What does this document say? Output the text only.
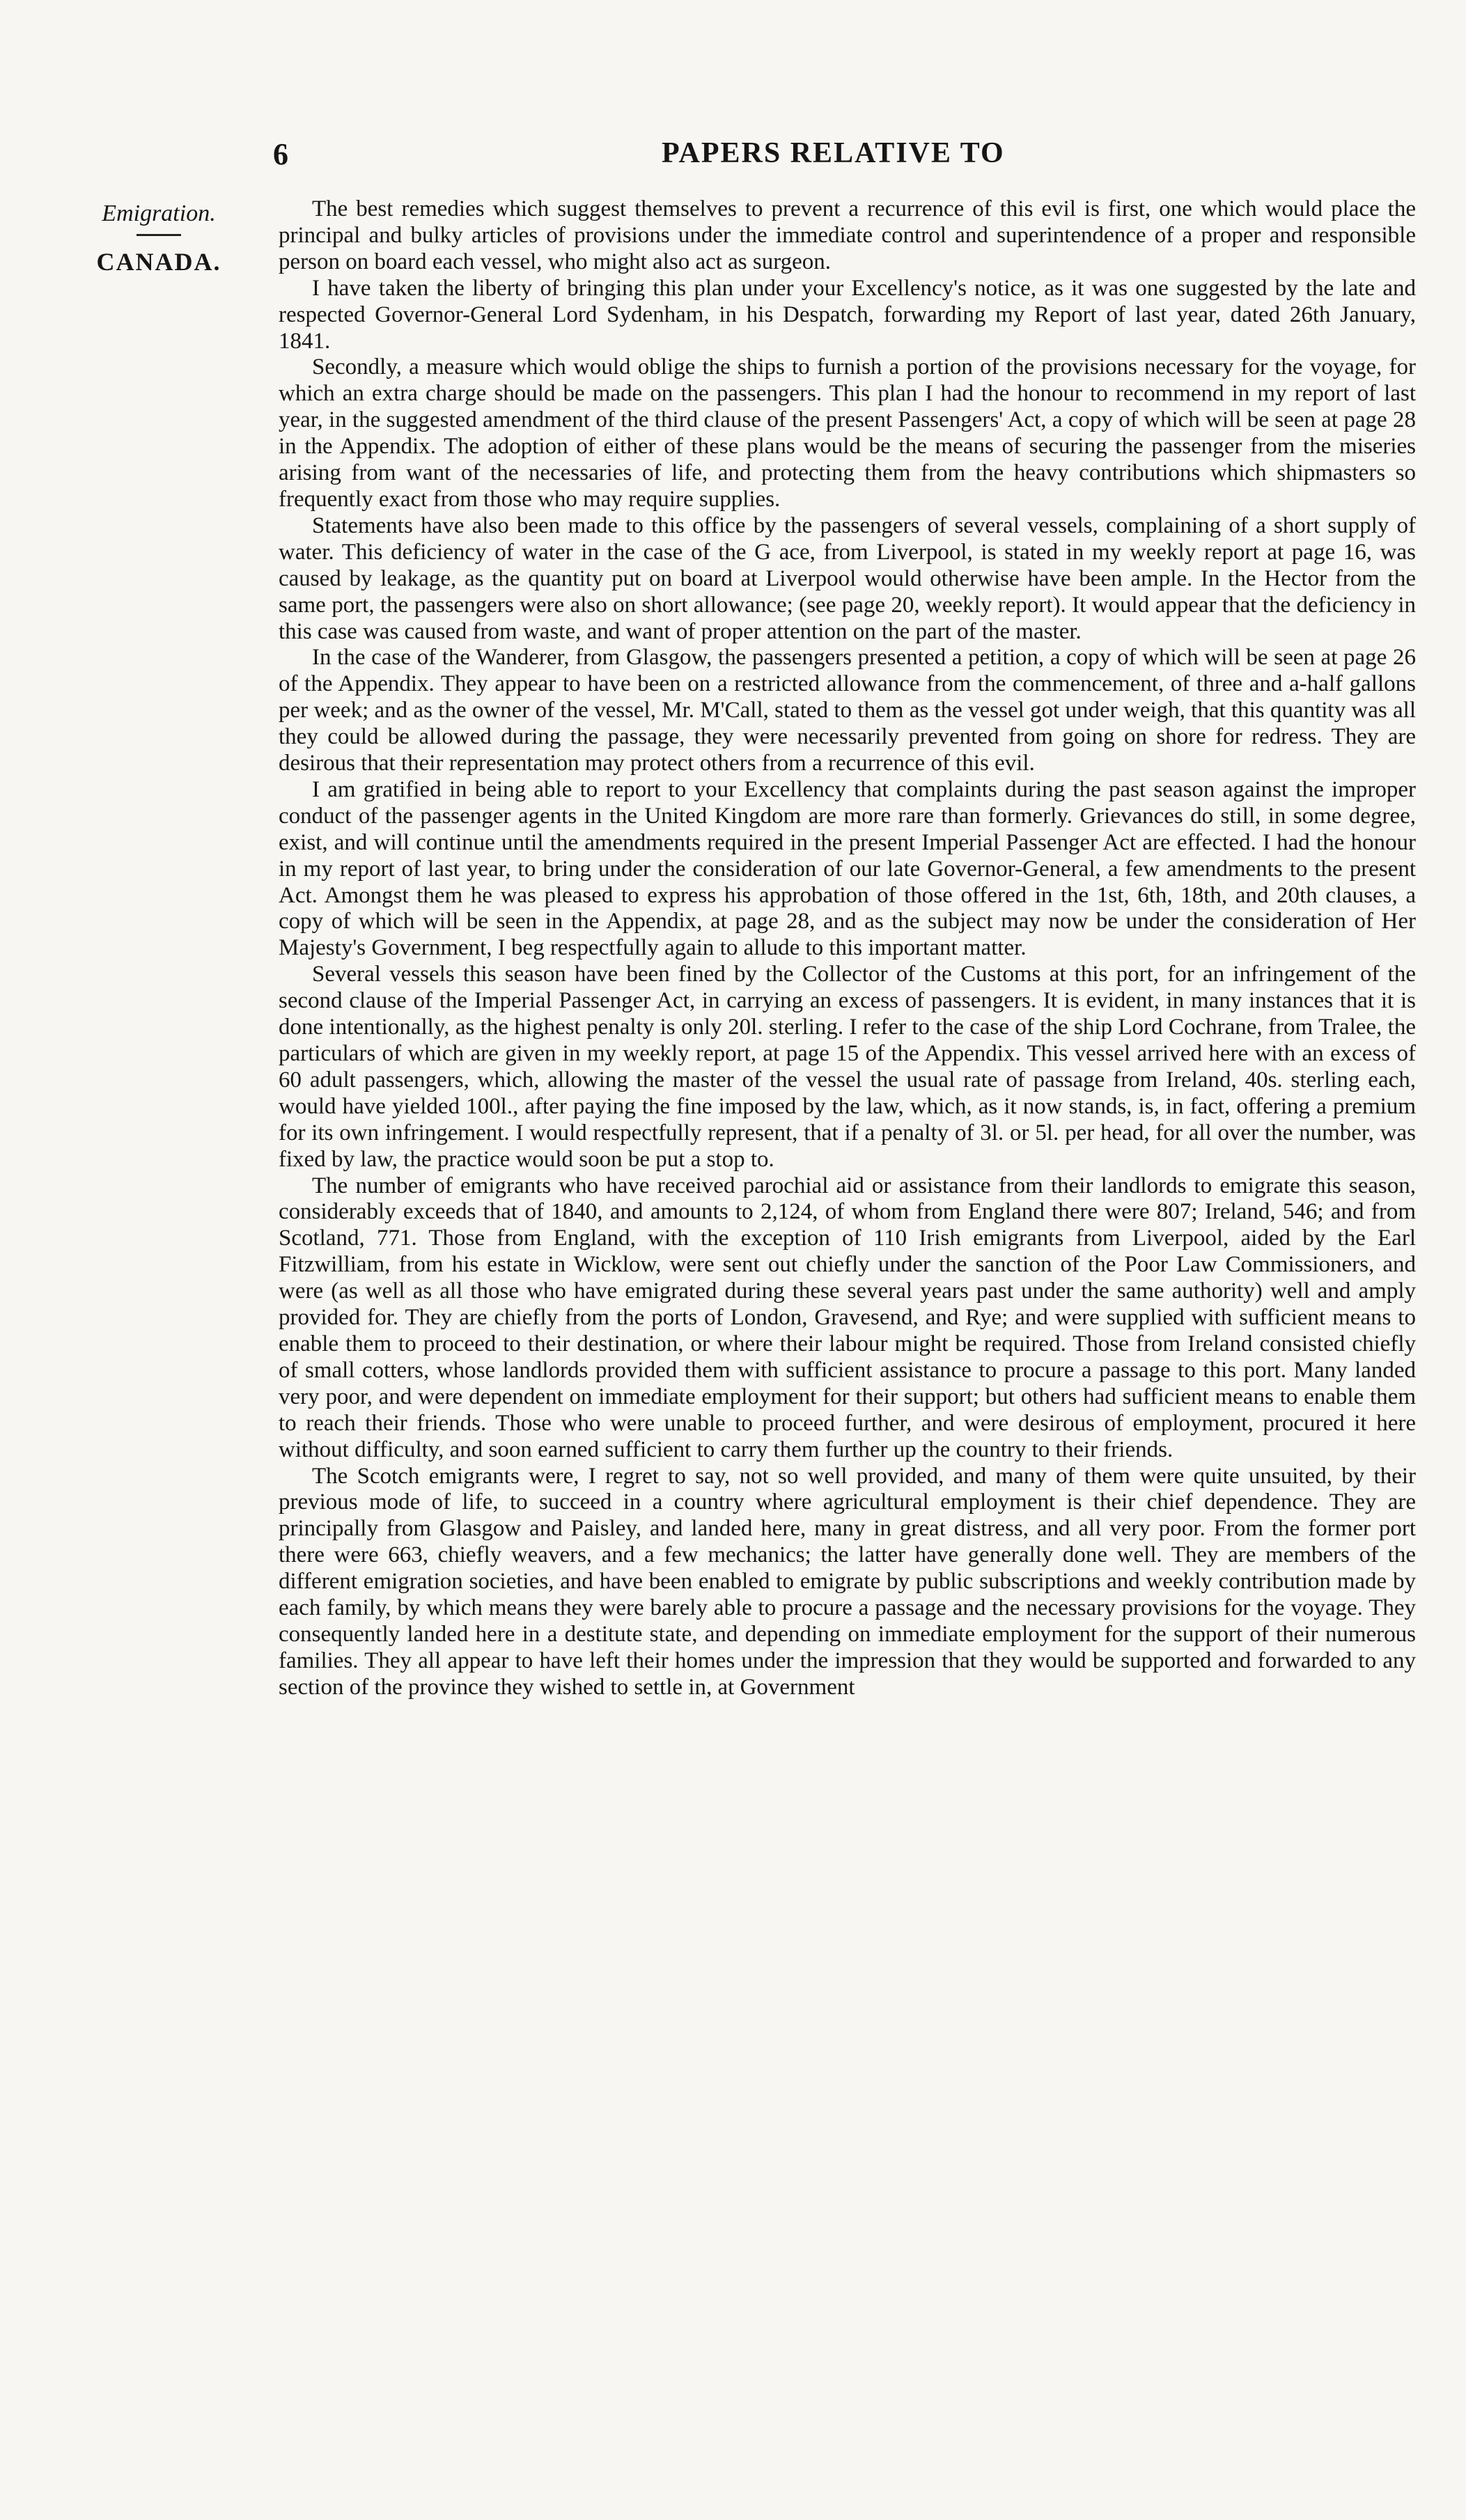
6	PAPERS RELATIVE TO
Emigration.
CANADA.

The best remedies which suggest themselves to prevent a recurrence of this evil is first, one which would place the principal and bulky articles of provisions under the immediate control and superintendence of a proper and responsible person on board each vessel, who might also act as surgeon.

I have taken the liberty of bringing this plan under your Excellency's notice, as it was one suggested by the late and respected Governor-General Lord Sydenham, in his Despatch, forwarding my Report of last year, dated 26th January, 1841.

Secondly, a measure which would oblige the ships to furnish a portion of the provisions necessary for the voyage, for which an extra charge should be made on the passengers. This plan I had the honour to recommend in my report of last year, in the suggested amendment of the third clause of the present Passengers' Act, a copy of which will be seen at page 28 in the Appendix. The adoption of either of these plans would be the means of securing the passenger from the miseries arising from want of the necessaries of life, and protecting them from the heavy contributions which shipmasters so frequently exact from those who may require supplies.

Statements have also been made to this office by the passengers of several vessels, complaining of a short supply of water. This deficiency of water in the case of the G ace, from Liverpool, is stated in my weekly report at page 16, was caused by leakage, as the quantity put on board at Liverpool would otherwise have been ample. In the Hector from the same port, the passengers were also on short allowance; (see page 20, weekly report). It would appear that the deficiency in this case was caused from waste, and want of proper attention on the part of the master.

In the case of the Wanderer, from Glasgow, the passengers presented a petition, a copy of which will be seen at page 26 of the Appendix. They appear to have been on a restricted allowance from the commencement, of three and a-half gallons per week; and as the owner of the vessel, Mr. M'Call, stated to them as the vessel got under weigh, that this quantity was all they could be allowed during the passage, they were necessarily prevented from going on shore for redress. They are desirous that their representation may protect others from a recurrence of this evil.

I am gratified in being able to report to your Excellency that complaints during the past season against the improper conduct of the passenger agents in the United Kingdom are more rare than formerly. Grievances do still, in some degree, exist, and will continue until the amendments required in the present Imperial Passenger Act are effected. I had the honour in my report of last year, to bring under the consideration of our late Governor-General, a few amendments to the present Act. Amongst them he was pleased to express his approbation of those offered in the 1st, 6th, 18th, and 20th clauses, a copy of which will be seen in the Appendix, at page 28, and as the subject may now be under the consideration of Her Majesty's Government, I beg respectfully again to allude to this important matter.

Several vessels this season have been fined by the Collector of the Customs at this port, for an infringement of the second clause of the Imperial Passenger Act, in carrying an excess of passengers. It is evident, in many instances that it is done intentionally, as the highest penalty is only 20l. sterling. I refer to the case of the ship Lord Cochrane, from Tralee, the particulars of which are given in my weekly report, at page 15 of the Appendix. This vessel arrived here with an excess of 60 adult passengers, which, allowing the master of the vessel the usual rate of passage from Ireland, 40s. sterling each, would have yielded 100l., after paying the fine imposed by the law, which, as it now stands, is, in fact, offering a premium for its own infringement. I would respectfully represent, that if a penalty of 3l. or 5l. per head, for all over the number, was fixed by law, the practice would soon be put a stop to.

The number of emigrants who have received parochial aid or assistance from their landlords to emigrate this season, considerably exceeds that of 1840, and amounts to 2,124, of whom from England there were 807; Ireland, 546; and from Scotland, 771. Those from England, with the exception of 110 Irish emigrants from Liverpool, aided by the Earl Fitzwilliam, from his estate in Wicklow, were sent out chiefly under the sanction of the Poor Law Commissioners, and were (as well as all those who have emigrated during these several years past under the same authority) well and amply provided for. They are chiefly from the ports of London, Gravesend, and Rye; and were supplied with sufficient means to enable them to proceed to their destination, or where their labour might be required. Those from Ireland consisted chiefly of small cotters, whose landlords provided them with sufficient assistance to procure a passage to this port. Many landed very poor, and were dependent on immediate employment for their support; but others had sufficient means to enable them to reach their friends. Those who were unable to proceed further, and were desirous of employment, procured it here without difficulty, and soon earned sufficient to carry them further up the country to their friends.

The Scotch emigrants were, I regret to say, not so well provided, and many of them were quite unsuited, by their previous mode of life, to succeed in a country where agricultural employment is their chief dependence. They are principally from Glasgow and Paisley, and landed here, many in great distress, and all very poor. From the former port there were 663, chiefly weavers, and a few mechanics; the latter have generally done well. They are members of the different emigration societies, and have been enabled to emigrate by public subscriptions and weekly contribution made by each family, by which means they were barely able to procure a passage and the necessary provisions for the voyage. They consequently landed here in a destitute state, and depending on immediate employment for the support of their numerous families. They all appear to have left their homes under the impression that they would be supported and forwarded to any section of the province they wished to settle in, at Government
